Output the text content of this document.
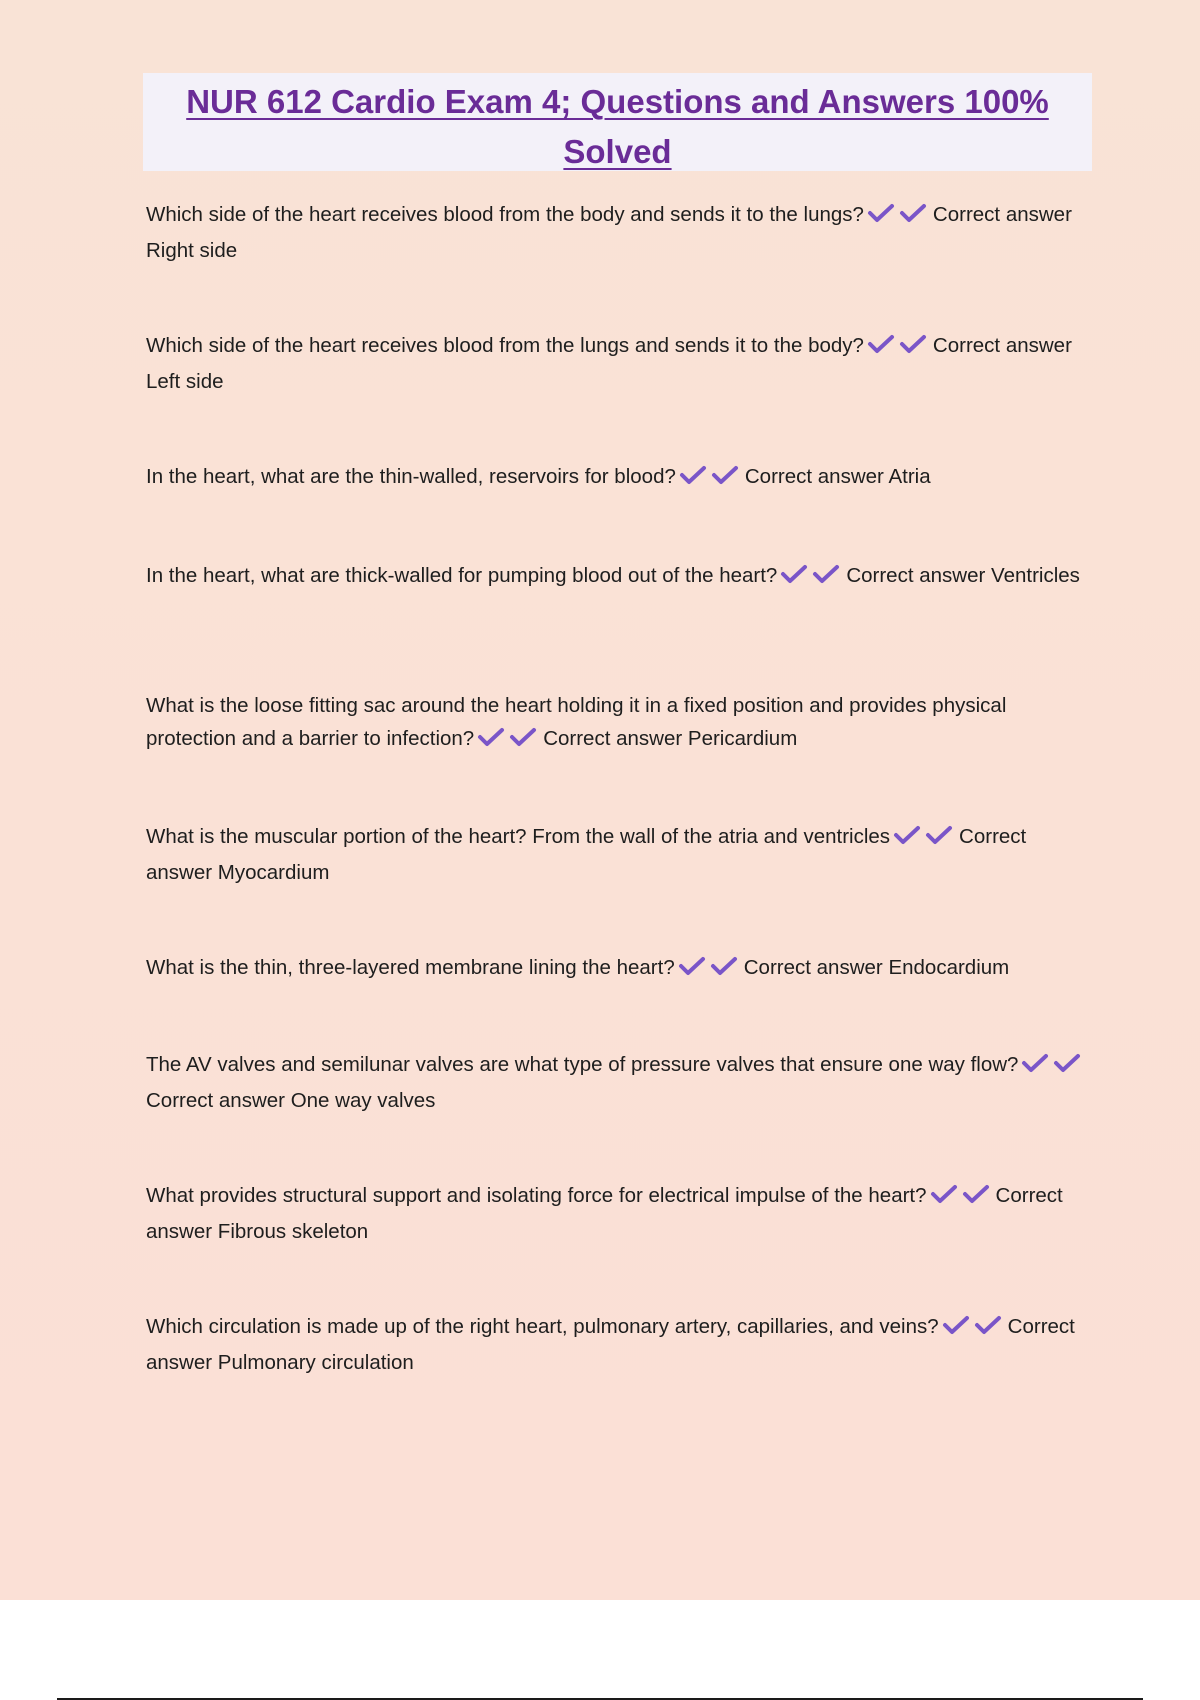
NUR 612 Cardio Exam 4; Questions and Answers 100% Solved

Which side of the heart receives blood from the body and sends it to the lungs?	Correct answer Right side

Which side of the heart receives blood from the lungs and sends it to the body?	Correct answer Left side

In the heart, what are the thin-walled, reservoirs for blood?	Correct answer Atria

In the heart, what are thick-walled for pumping blood out of the heart?	Correct answer Ventricles

What is the loose fitting sac around the heart holding it in a fixed position and provides physical protection and a barrier to infection?	Correct answer Pericardium

What is the muscular portion of the heart? From the wall of the atria and ventricles	Correct answer Myocardium

What is the thin, three-layered membrane lining the heart?	Correct answer Endocardium

The AV valves and semilunar valves are what type of pressure valves that ensure one way flow?
Correct answer One way valves

What provides structural support and isolating force for electrical impulse of the heart?	Correct answer Fibrous skeleton

Which circulation is made up of the right heart, pulmonary artery, capillaries, and veins?	Correct answer Pulmonary circulation
